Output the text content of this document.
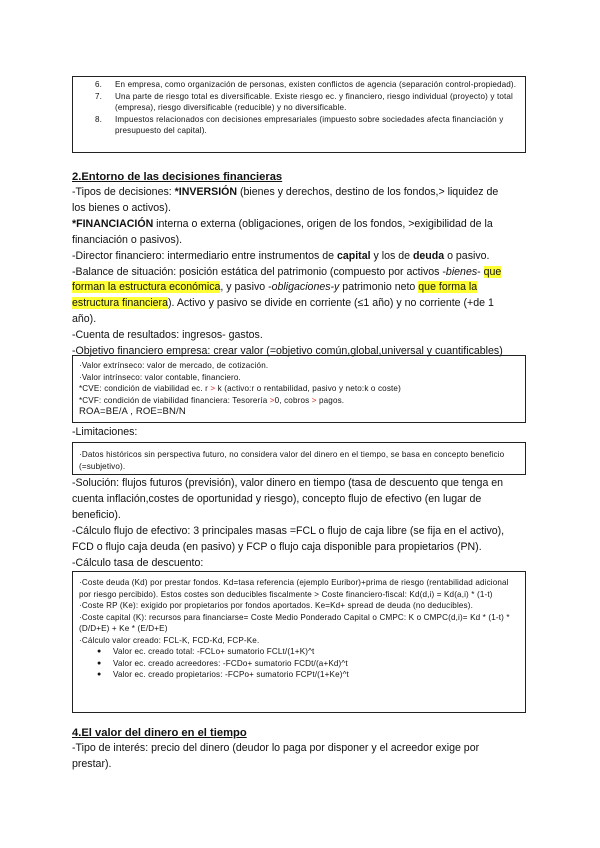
6. En empresa, como organización de personas, existen conflictos de agencia (separación control-propiedad).
7. Una parte de riesgo total es diversificable. Existe riesgo ec. y financiero, riesgo individual (proyecto) y total (empresa), riesgo diversificable (reducible) y no diversificable.
8. Impuestos relacionados con decisiones empresariales (impuesto sobre sociedades afecta financiación y presupuesto del capital).
2.Entorno de las decisiones financieras
-Tipos de decisiones: *INVERSIÓN (bienes y derechos, destino de los fondos,> liquidez de
los bienes o activos).
*FINANCIACIÓN interna o externa (obligaciones, origen de los fondos, >exigibilidad de la
financiación o pasivos).
-Director financiero: intermediario entre instrumentos de capital y los de deuda o pasivo.
-Balance de situación: posición estática del patrimonio (compuesto por activos -bienes- que
forman la estructura económica, y pasivo -obligaciones-y patrimonio neto que forma la
estructura financiera). Activo y pasivo se divide en corriente (≤1 año) y no corriente (+de 1
año).
-Cuenta de resultados: ingresos- gastos.
-Objetivo financiero empresa: crear valor (=objetivo común,global,universal y cuantificables)
·Valor extrínseco: valor de mercado, de cotización.
·Valor intrínseco: valor contable, financiero.
*CVE: condición de viabilidad ec. r > k (activo:r o rentabilidad, pasivo y neto:k o coste)
*CVF: condición de viabilidad financiera: Tesorería >0, cobros > pagos.
ROA=BE/A , ROE=BN/N
-Limitaciones:
·Datos históricos sin perspectiva futuro, no considera valor del dinero en el tiempo, se basa en concepto beneficio (=subjetivo).
-Solución: flujos futuros (previsión), valor dinero en tiempo (tasa de descuento que tenga en
cuenta inflación,costes de oportunidad y riesgo), concepto flujo de efectivo (en lugar de
beneficio).
-Cálculo flujo de efectivo: 3 principales masas =FCL o flujo de caja libre (se fija en el activo),
FCD o flujo caja deuda (en pasivo) y FCP o flujo caja disponible para propietarios (PN).
-Cálculo tasa de descuento:
·Coste deuda (Kd) por prestar fondos. Kd=tasa referencia (ejemplo Euribor)+prima de riesgo (rentabilidad adicional por riesgo percibido). Estos costes son deducibles fiscalmente > Coste financiero-fiscal: Kd(d,i) = Kd(a,i) * (1-t)
·Coste RP (Ke): exigido por propietarios por fondos aportados. Ke=Kd+ spread de deuda (no deducibles).
·Coste capital (K): recursos para financiarse= Coste Medio Ponderado Capital o CMPC: K o CMPC(d,i)= Kd * (1-t) * (D/D+E) + Ke * (E/D+E)
·Cálculo valor creado: FCL-K, FCD-Kd, FCP-Ke.
● Valor ec. creado total: -FCLo+ sumatorio FCLt/(1+K)^t
● Valor ec. creado acreedores: -FCDo+ sumatorio FCDt/(a+Kd)^t
● Valor ec. creado propietarios: -FCPo+ sumatorio FCPt/(1+Ke)^t
4.El valor del dinero en el tiempo
-Tipo de interés: precio del dinero (deudor lo paga por disponer y el acreedor exige por
prestar).
